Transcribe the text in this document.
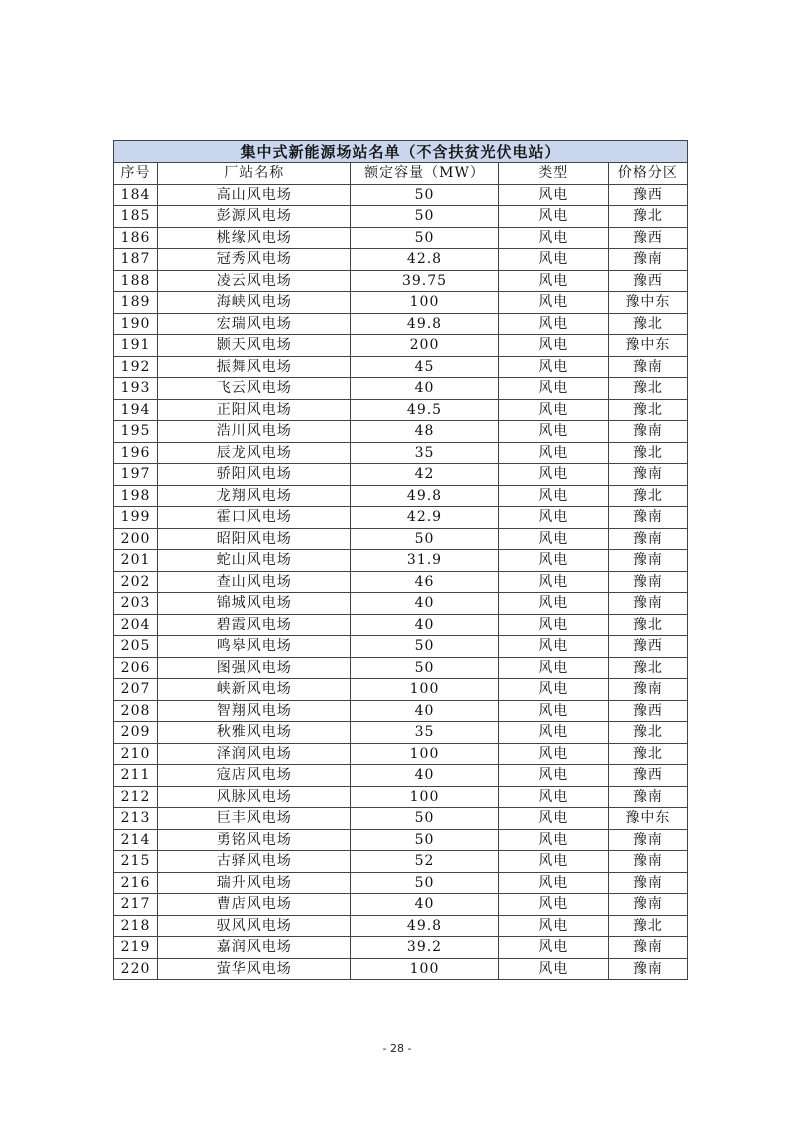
集中式新能源场站名单（不含扶贫光伏电站）				
序号	厂站名称	额定容量（MW）	类型	价格分区
184	高山风电场	50	风电	豫西
185	彭源风电场	50	风电	豫北
186	桃缘风电场	50	风电	豫西
187	冠秀风电场	42.8	风电	豫南
188	凌云风电场	39.75	风电	豫西
189	海峡风电场	100	风电	豫中东
190	宏瑞风电场	49.8	风电	豫北
191	颢天风电场	200	风电	豫中东
192	振舞风电场	45	风电	豫南
193	飞云风电场	40	风电	豫北
194	正阳风电场	49.5	风电	豫北
195	浩川风电场	48	风电	豫南
196	辰龙风电场	35	风电	豫北
197	骄阳风电场	42	风电	豫南
198	龙翔风电场	49.8	风电	豫北
199	霍口风电场	42.9	风电	豫南
200	昭阳风电场	50	风电	豫南
201	蛇山风电场	31.9	风电	豫南
202	查山风电场	46	风电	豫南
203	锦城风电场	40	风电	豫南
204	碧霞风电场	40	风电	豫北
205	鸣皋风电场	50	风电	豫西
206	图强风电场	50	风电	豫北
207	峡新风电场	100	风电	豫南
208	智翔风电场	40	风电	豫西
209	秋雅风电场	35	风电	豫北
210	泽润风电场	100	风电	豫北
211	寇店风电场	40	风电	豫西
212	风脉风电场	100	风电	豫南
213	巨丰风电场	50	风电	豫中东
214	勇铭风电场	50	风电	豫南
215	古驿风电场	52	风电	豫南
216	瑞升风电场	50	风电	豫南
217	曹店风电场	40	风电	豫南
218	驭风风电场	49.8	风电	豫北
219	嘉润风电场	39.2	风电	豫南
220	萤华风电场	100	风电	豫南
- 28 -
